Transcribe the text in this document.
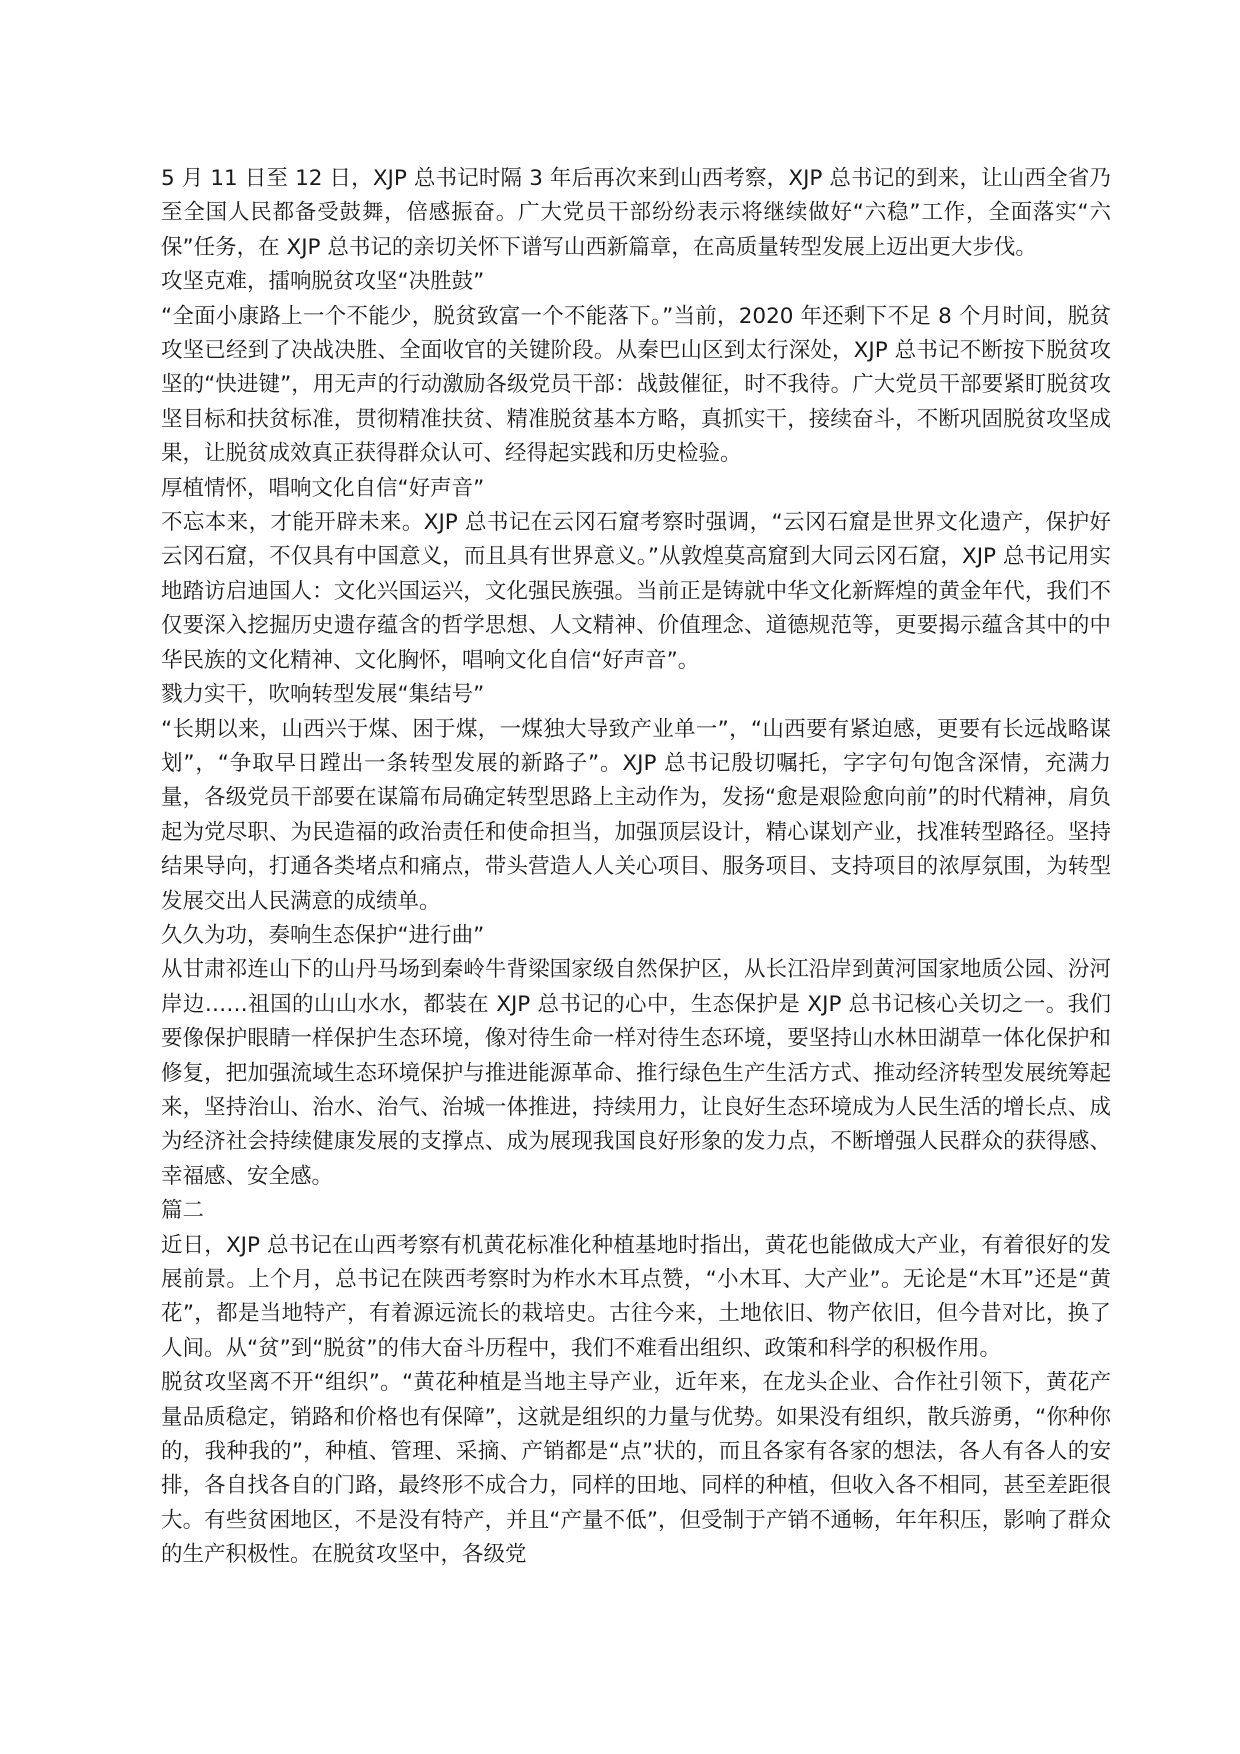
5 月 11 日至 12 日，XJP 总书记时隔 3 年后再次来到山西考察，XJP 总书记的到来，让山西全省乃至全国人民都备受鼓舞，倍感振奋。广大党员干部纷纷表示将继续做好“六稳”工作，全面落实“六保”任务，在 XJP 总书记的亲切关怀下谱写山西新篇章，在高质量转型发展上迈出更大步伐。

攻坚克难，擂响脱贫攻坚“决胜鼓”

“全面小康路上一个不能少，脱贫致富一个不能落下。”当前，2020 年还剩下不足 8 个月时间，脱贫攻坚已经到了决战决胜、全面收官的关键阶段。从秦巴山区到太行深处，XJP 总书记不断按下脱贫攻坚的“快进键”，用无声的行动激励各级党员干部：战鼓催征，时不我待。广大党员干部要紧盯脱贫攻坚目标和扶贫标准，贯彻精准扶贫、精准脱贫基本方略，真抓实干，接续奋斗，不断巩固脱贫攻坚成果，让脱贫成效真正获得群众认可、经得起实践和历史检验。

厚植情怀，唱响文化自信“好声音”

不忘本来，才能开辟未来。XJP 总书记在云冈石窟考察时强调，“云冈石窟是世界文化遗产，保护好云冈石窟，不仅具有中国意义，而且具有世界意义。”从敦煌莫高窟到大同云冈石窟，XJP 总书记用实地踏访启迪国人：文化兴国运兴，文化强民族强。当前正是铸就中华文化新辉煌的黄金年代，我们不仅要深入挖掘历史遗存蕴含的哲学思想、人文精神、价值理念、道德规范等，更要揭示蕴含其中的中华民族的文化精神、文化胸怀，唱响文化自信“好声音”。

戮力实干，吹响转型发展“集结号”

“长期以来，山西兴于煤、困于煤，一煤独大导致产业单一”，“山西要有紧迫感，更要有长远战略谋划”，“争取早日蹚出一条转型发展的新路子”。XJP 总书记殷切嘱托，字字句句饱含深情，充满力量，各级党员干部要在谋篇布局确定转型思路上主动作为，发扬“愈是艰险愈向前”的时代精神，肩负起为党尽职、为民造福的政治责任和使命担当，加强顶层设计，精心谋划产业，找准转型路径。坚持结果导向，打通各类堵点和痛点，带头营造人人关心项目、服务项目、支持项目的浓厚氛围，为转型发展交出人民满意的成绩单。

久久为功，奏响生态保护“进行曲”

从甘肃祁连山下的山丹马场到秦岭牛背梁国家级自然保护区，从长江沿岸到黄河国家地质公园、汾河岸边……祖国的山山水水，都装在 XJP 总书记的心中，生态保护是 XJP 总书记核心关切之一。我们要像保护眼睛一样保护生态环境，像对待生命一样对待生态环境，要坚持山水林田湖草一体化保护和修复，把加强流域生态环境保护与推进能源革命、推行绿色生产生活方式、推动经济转型发展统筹起来，坚持治山、治水、治气、治城一体推进，持续用力，让良好生态环境成为人民生活的增长点、成为经济社会持续健康发展的支撑点、成为展现我国良好形象的发力点，不断增强人民群众的获得感、幸福感、安全感。

篇二

近日，XJP 总书记在山西考察有机黄花标准化种植基地时指出，黄花也能做成大产业，有着很好的发展前景。上个月，总书记在陕西考察时为柞水木耳点赞，“小木耳、大产业”。无论是“木耳”还是“黄花”，都是当地特产，有着源远流长的栽培史。古往今来，土地依旧、物产依旧，但今昔对比，换了人间。从“贫”到“脱贫”的伟大奋斗历程中，我们不难看出组织、政策和科学的积极作用。

脱贫攻坚离不开“组织”。“黄花种植是当地主导产业，近年来，在龙头企业、合作社引领下，黄花产量品质稳定，销路和价格也有保障”，这就是组织的力量与优势。如果没有组织，散兵游勇，“你种你的，我种我的”，种植、管理、采摘、产销都是“点”状的，而且各家有各家的想法，各人有各人的安排，各自找各自的门路，最终形不成合力，同样的田地、同样的种植，但收入各不相同，甚至差距很大。有些贫困地区，不是没有特产，并且“产量不低”，但受制于产销不通畅，年年积压，影响了群众的生产积极性。在脱贫攻坚中，各级党
